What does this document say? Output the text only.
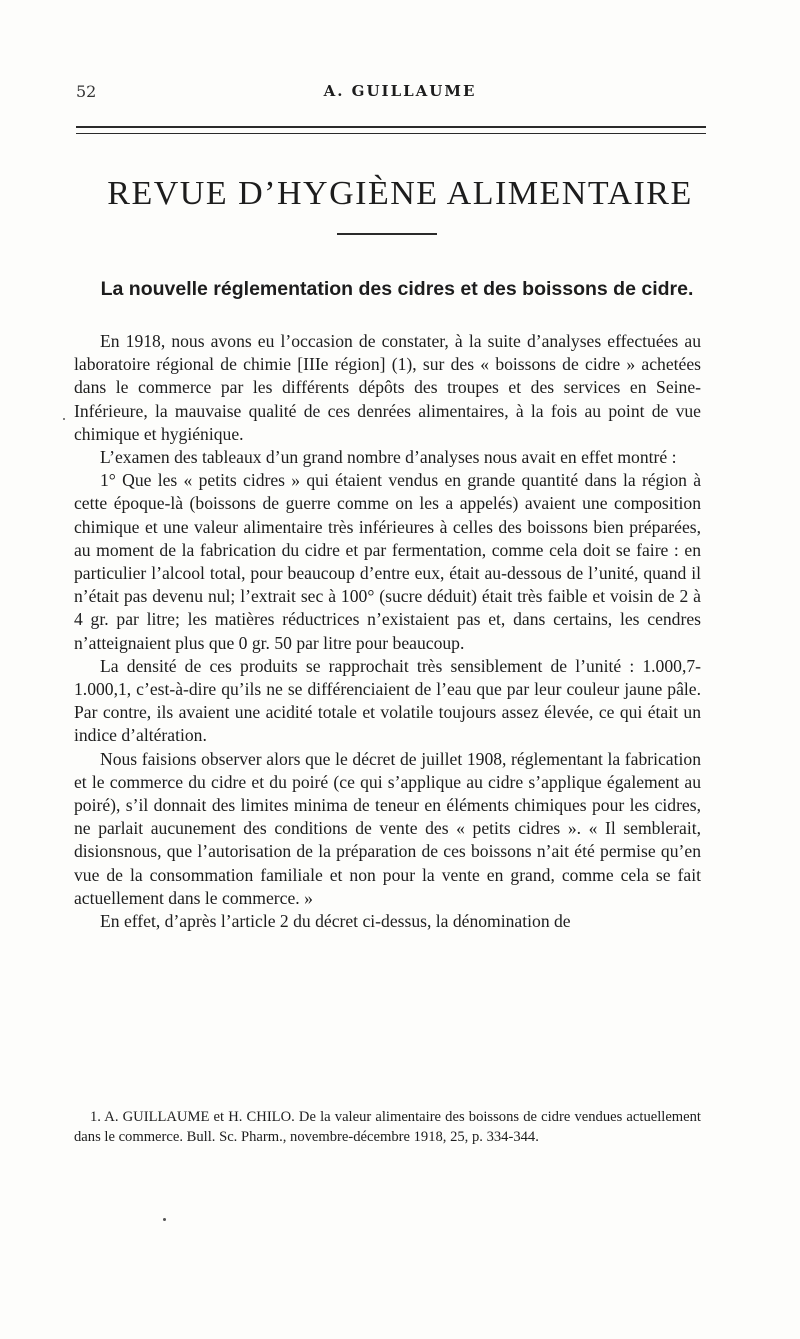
52	A. GUILLAUME
REVUE D’HYGIÈNE ALIMENTAIRE
La nouvelle réglementation des cidres et des boissons de cidre.

En 1918, nous avons eu l’occasion de constater, à la suite d’analyses effectuées au laboratoire régional de chimie [IIIe région] (1), sur des « boissons de cidre » achetées dans le commerce par les différents dépôts des troupes et des services en Seine-Inférieure, la mauvaise qualité de ces denrées alimentaires, à la fois au point de vue chimique et hygiénique.

L’examen des tableaux d’un grand nombre d’analyses nous avait en effet montré :

1° Que les « petits cidres » qui étaient vendus en grande quantité dans la région à cette époque-là (boissons de guerre comme on les a appelés) avaient une composition chimique et une valeur alimentaire très inférieures à celles des boissons bien préparées, au moment de la fabrication du cidre et par fermentation, comme cela doit se faire : en particulier l’alcool total, pour beaucoup d’entre eux, était au-dessous de l’unité, quand il n’était pas devenu nul; l’extrait sec à 100° (sucre déduit) était très faible et voisin de 2 à 4 gr. par litre; les matières réductrices n’existaient pas et, dans certains, les cendres n’atteignaient plus que 0 gr. 50 par litre pour beaucoup.

La densité de ces produits se rapprochait très sensiblement de l’unité : 1.000,7-1.000,1, c’est-à-dire qu’ils ne se différenciaient de l’eau que par leur couleur jaune pâle. Par contre, ils avaient une acidité totale et volatile toujours assez élevée, ce qui était un indice d’altération.

Nous faisions observer alors que le décret de juillet 1908, réglementant la fabrication et le commerce du cidre et du poiré (ce qui s’applique au cidre s’applique également au poiré), s’il donnait des limites minima de teneur en éléments chimiques pour les cidres, ne parlait aucunement des conditions de vente des « petits cidres ». « Il semblerait, disionsnous, que l’autorisation de la préparation de ces boissons n’ait été permise qu’en vue de la consommation familiale et non pour la vente en grand, comme cela se fait actuellement dans le commerce. »

En effet, d’après l’article 2 du décret ci-dessus, la dénomination de

1. A. GUILLAUME et H. CHILO. De la valeur alimentaire des boissons de cidre vendues actuellement dans le commerce. Bull. Sc. Pharm., novembre-décembre 1918, 25, p. 334-344.
